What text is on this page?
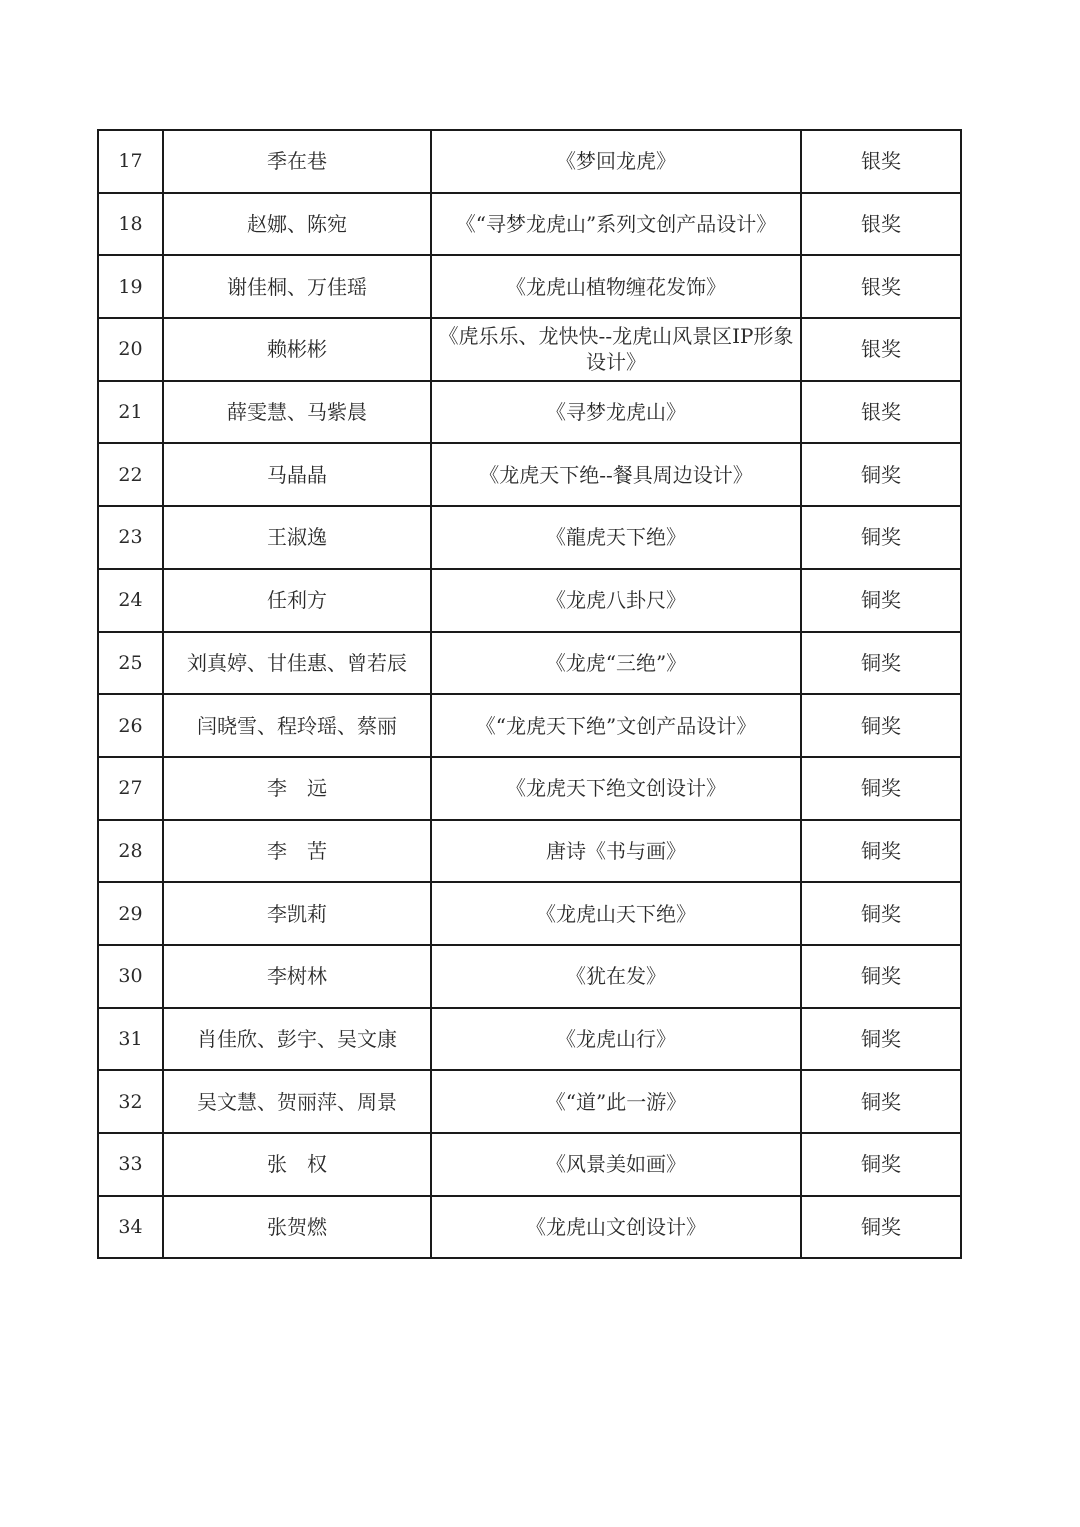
17	季在巷	《梦回龙虎》	银奖
18	赵娜、陈宛	《“寻梦龙虎山”系列文创产品设计》	银奖
19	谢佳桐、万佳瑶	《龙虎山植物缠花发饰》	银奖
20	赖彬彬	《虎乐乐、龙快快--龙虎山风景区IP形象设计》	银奖
21	薛雯慧、马紫晨	《寻梦龙虎山》	银奖
22	马晶晶	《龙虎天下绝--餐具周边设计》	铜奖
23	王淑逸	《龍虎天下绝》	铜奖
24	任利方	《龙虎八卦尺》	铜奖
25	刘真婷、甘佳惠、曾若辰	《龙虎“三绝”》	铜奖
26	闫晓雪、程玲瑶、蔡丽	《“龙虎天下绝”文创产品设计》	铜奖
27	李　远	《龙虎天下绝文创设计》	铜奖
28	李　苦	唐诗《书与画》	铜奖
29	李凯莉	《龙虎山天下绝》	铜奖
30	李树林	《犹在发》	铜奖
31	肖佳欣、彭宇、吴文康	《龙虎山行》	铜奖
32	吴文慧、贺丽萍、周景	《“道”此一游》	铜奖
33	张　权	《风景美如画》	铜奖
34	张贺燃	《龙虎山文创设计》	铜奖
